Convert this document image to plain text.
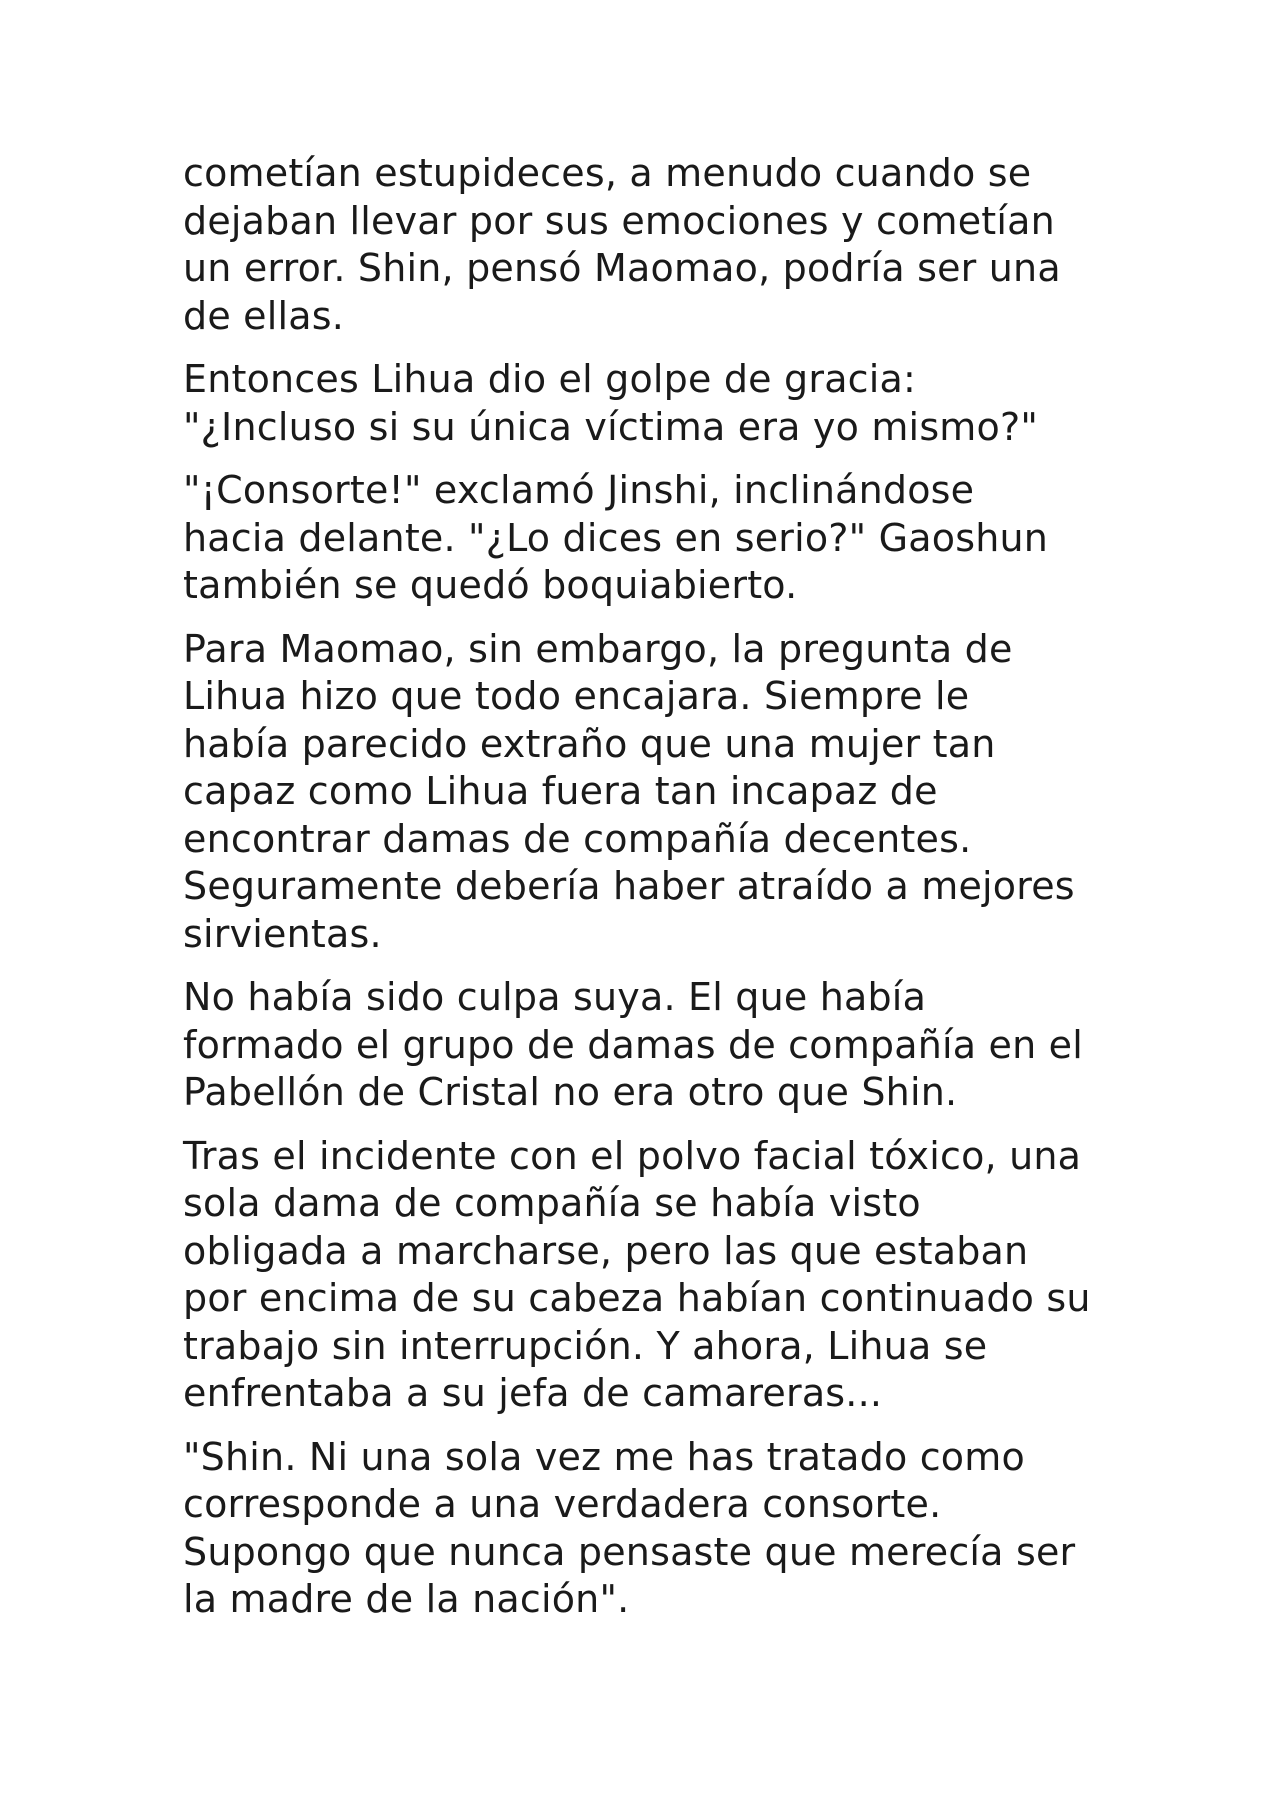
cometían estupideces, a menudo cuando se
dejaban llevar por sus emociones y cometían
un error. Shin, pensó Maomao, podría ser una
de ellas.

Entonces Lihua dio el golpe de gracia:
"¿Incluso si su única víctima era yo mismo?"

"¡Consorte!" exclamó Jinshi, inclinándose
hacia delante. "¿Lo dices en serio?" Gaoshun
también se quedó boquiabierto.

Para Maomao, sin embargo, la pregunta de
Lihua hizo que todo encajara. Siempre le
había parecido extraño que una mujer tan
capaz como Lihua fuera tan incapaz de
encontrar damas de compañía decentes.
Seguramente debería haber atraído a mejores
sirvientas.

No había sido culpa suya. El que había
formado el grupo de damas de compañía en el
Pabellón de Cristal no era otro que Shin.

Tras el incidente con el polvo facial tóxico, una
sola dama de compañía se había visto
obligada a marcharse, pero las que estaban
por encima de su cabeza habían continuado su
trabajo sin interrupción. Y ahora, Lihua se
enfrentaba a su jefa de camareras...

"Shin. Ni una sola vez me has tratado como
corresponde a una verdadera consorte.
Supongo que nunca pensaste que merecía ser
la madre de la nación".
